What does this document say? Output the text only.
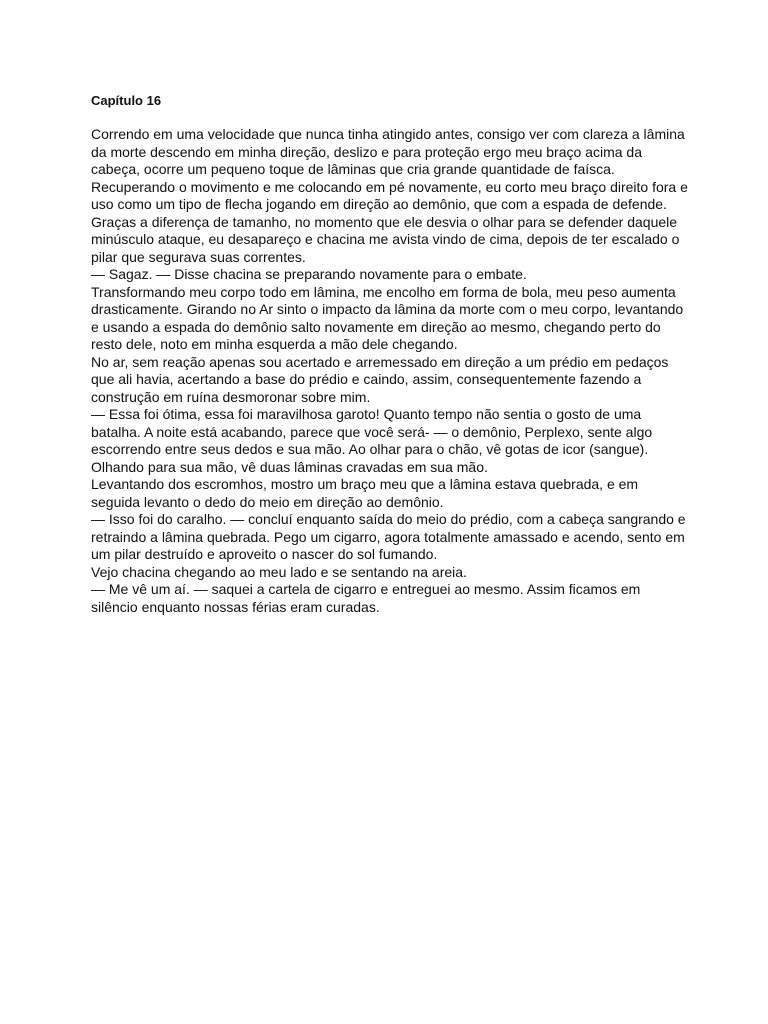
Capítulo 16

Correndo em uma velocidade que nunca tinha atingido antes, consigo ver com clareza a lâmina da morte descendo em minha direção, deslizo e para proteção ergo meu braço acima da cabeça, ocorre um pequeno toque de lâminas que cria grande quantidade de faísca.

Recuperando o movimento e me colocando em pé novamente, eu corto meu braço direito fora e uso como um tipo de flecha jogando em direção ao demônio, que com a espada de defende.

Graças a diferença de tamanho, no momento que ele desvia o olhar para se defender daquele minúsculo ataque, eu desapareço e chacina me avista vindo de cima, depois de ter escalado o pilar que segurava suas correntes.

— Sagaz. — Disse chacina se preparando novamente para o embate.

Transformando meu corpo todo em lâmina, me encolho em forma de bola, meu peso aumenta drasticamente. Girando no Ar sinto o impacto da lâmina da morte com o meu corpo, levantando e usando a espada do demônio salto novamente em direção ao mesmo, chegando perto do resto dele, noto em minha esquerda a mão dele chegando.

No ar, sem reação apenas sou acertado e arremessado em direção a um prédio em pedaços que ali havia, acertando a base do prédio e caindo, assim, consequentemente fazendo a construção em ruína desmoronar sobre mim.

— Essa foi ótima, essa foi maravilhosa garoto! Quanto tempo não sentia o gosto de uma batalha. A noite está acabando, parece que você será- — o demônio, Perplexo, sente algo escorrendo entre seus dedos e sua mão. Ao olhar para o chão, vê gotas de icor (sangue). Olhando para sua mão, vê duas lâminas cravadas em sua mão.

Levantando dos escromhos, mostro um braço meu que a lâmina estava quebrada, e em seguida levanto o dedo do meio em direção ao demônio.

— Isso foi do caralho. — concluí enquanto saída do meio do prédio, com a cabeça sangrando e retraindo a lâmina quebrada. Pego um cigarro, agora totalmente amassado e acendo, sento em um pilar destruído e aproveito o nascer do sol fumando.

Vejo chacina chegando ao meu lado e se sentando na areia.

— Me vê um aí. — saquei a cartela de cigarro e entreguei ao mesmo. Assim ficamos em silêncio enquanto nossas férias eram curadas.
